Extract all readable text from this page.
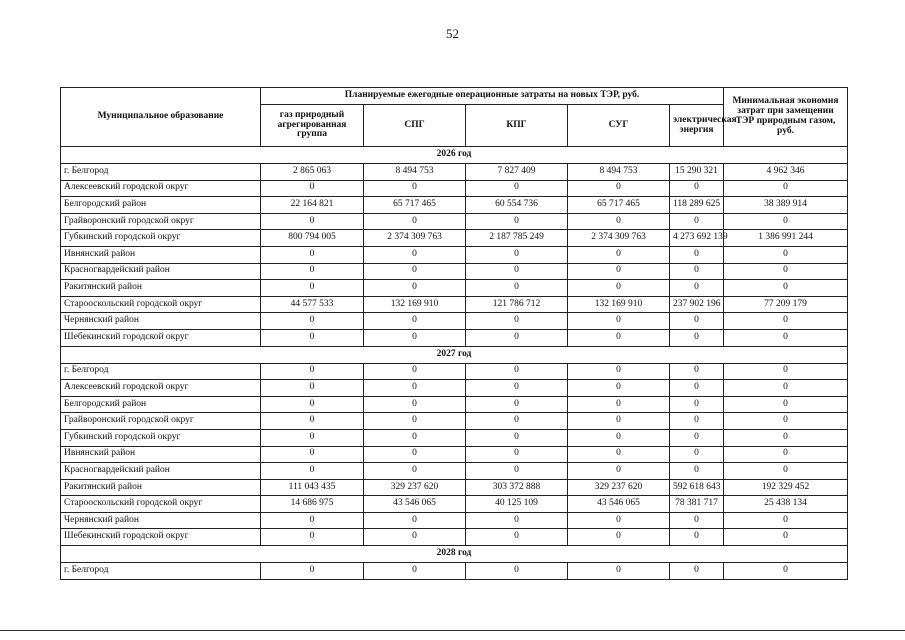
52
Муниципальное образование	Планируемые ежегодные операционные затраты на новых ТЭР, руб.					Минимальная экономия затрат при замещении ТЭР природным газом, руб.
	газ природный агрегированная группа	СПГ	КПГ	СУГ	электрическая энергия	
2026 год						
г. Белгород	2 865 063	8 494 753	7 827 409	8 494 753	15 290 321	4 962 346
Алексеевский городской округ	0	0	0	0	0	0
Белгородский район	22 164 821	65 717 465	60 554 736	65 717 465	118 289 625	38 389 914
Грайворонский городской округ	0	0	0	0	0	0
Губкинский городской округ	800 794 005	2 374 309 763	2 187 785 249	2 374 309 763	4 273 692 139	1 386 991 244
Ивнянский район	0	0	0	0	0	0
Красногвардейский район	0	0	0	0	0	0
Ракитянский район	0	0	0	0	0	0
Старооскольский городской округ	44 577 533	132 169 910	121 786 712	132 169 910	237 902 196	77 209 179
Чернянский район	0	0	0	0	0	0
Шебекинский городской округ	0	0	0	0	0	0
2027 год						
г. Белгород	0	0	0	0	0	0
Алексеевский городской округ	0	0	0	0	0	0
Белгородский район	0	0	0	0	0	0
Грайворонский городской округ	0	0	0	0	0	0
Губкинский городской округ	0	0	0	0	0	0
Ивнянский район	0	0	0	0	0	0
Красногвардейский район	0	0	0	0	0	0
Ракитянский район	111 043 435	329 237 620	303 372 888	329 237 620	592 618 643	192 329 452
Старооскольский городской округ	14 686 975	43 546 065	40 125 109	43 546 065	78 381 717	25 438 134
Чернянский район	0	0	0	0	0	0
Шебекинский городской округ	0	0	0	0	0	0
2028 год						
г. Белгород	0	0	0	0	0	0
